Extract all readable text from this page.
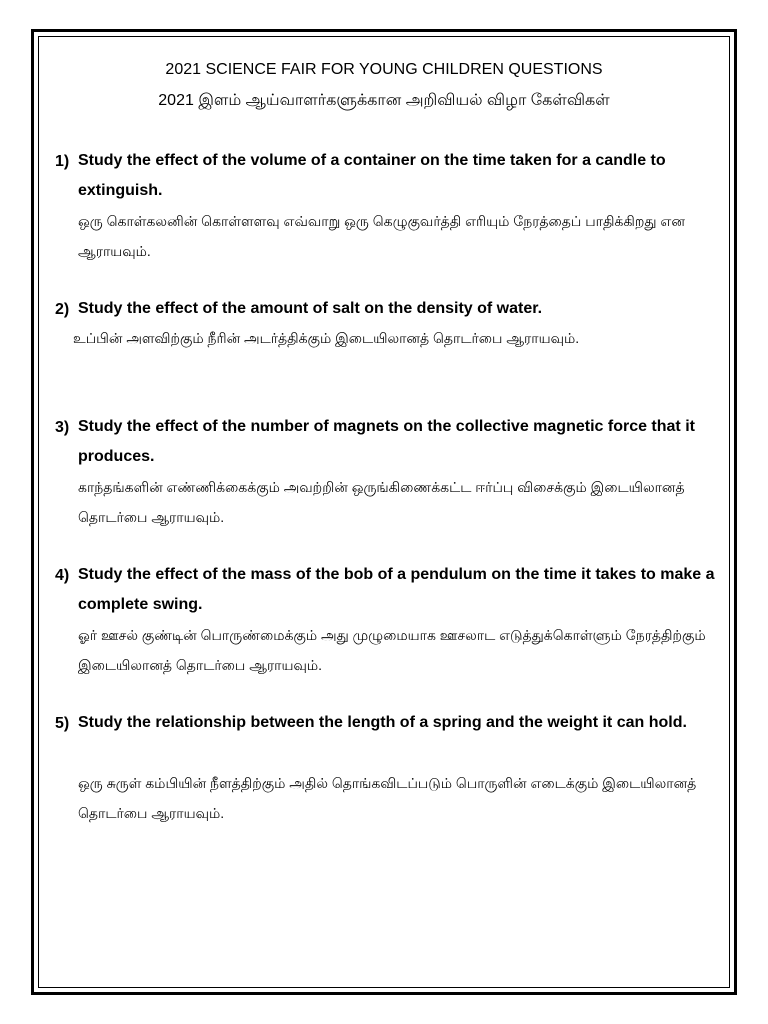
2021 SCIENCE FAIR FOR YOUNG CHILDREN QUESTIONS
2021 இளம் ஆய்வாளர்களுக்கான அறிவியல் விழா கேள்விகள்
1) Study the effect of the volume of a container on the time taken for a candle to extinguish.
ஒரு கொள்கலனின் கொள்ளளவு எவ்வாறு ஒரு கெழுகுவர்த்தி எரியும் நேரத்தைப் பாதிக்கிறது என ஆராயவும்.
2) Study the effect of the amount of salt on the density of water.
உப்பின் அளவிற்கும் நீரின் அடர்த்திக்கும் இடையிலானத் தொடர்பை ஆராயவும்.
3) Study the effect of the number of magnets on the collective magnetic force that it produces.
காந்தங்களின் எண்ணிக்கைக்கும் அவற்றின் ஒருங்கிணைக்கட்ட ஈர்ப்பு விசைக்கும் இடையிலானத் தொடர்பை ஆராயவும்.
4) Study the effect of the mass of the bob of a pendulum on the time it takes to make a complete swing.
ஓர் ஊசல் குண்டின் பொருண்மைக்கும் அது முழுமையாக ஊசலாட எடுத்துக்கொள்ளும் நேரத்திற்கும் இடையிலானத் தொடர்பை ஆராயவும்.
5) Study the relationship between the length of a spring and the weight it can hold.
ஒரு சுருள் கம்பியின் நீளத்திற்கும் அதில் தொங்கவிடப்படும் பொருளின் எடைக்கும் இடையிலானத் தொடர்பை ஆராயவும்.
